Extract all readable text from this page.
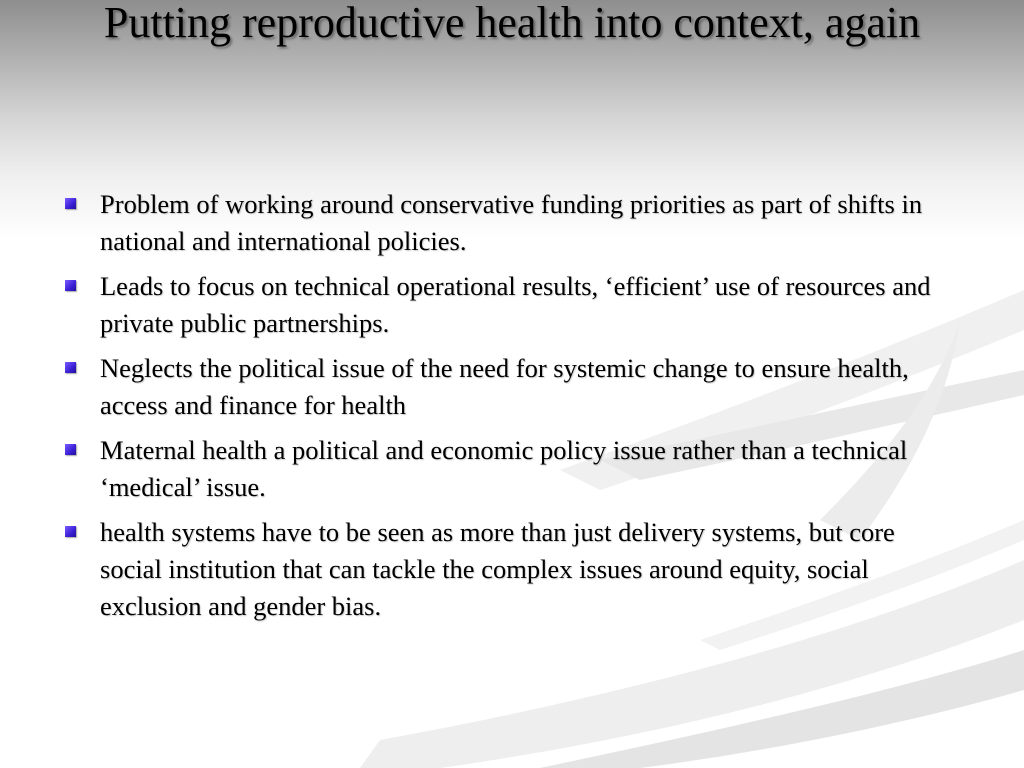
Putting reproductive health into context, again
Problem of working around conservative funding priorities as part of shifts in national and international policies.
Leads to focus on technical operational results, ‘efficient’ use of resources and private public partnerships.
Neglects the political issue of the need for systemic change to ensure health, access and finance for health
Maternal health a political and economic policy issue rather than a technical ‘medical’ issue.
health systems have to be seen as more than just delivery systems, but core social institution that can tackle the complex issues around equity, social exclusion and gender bias.
